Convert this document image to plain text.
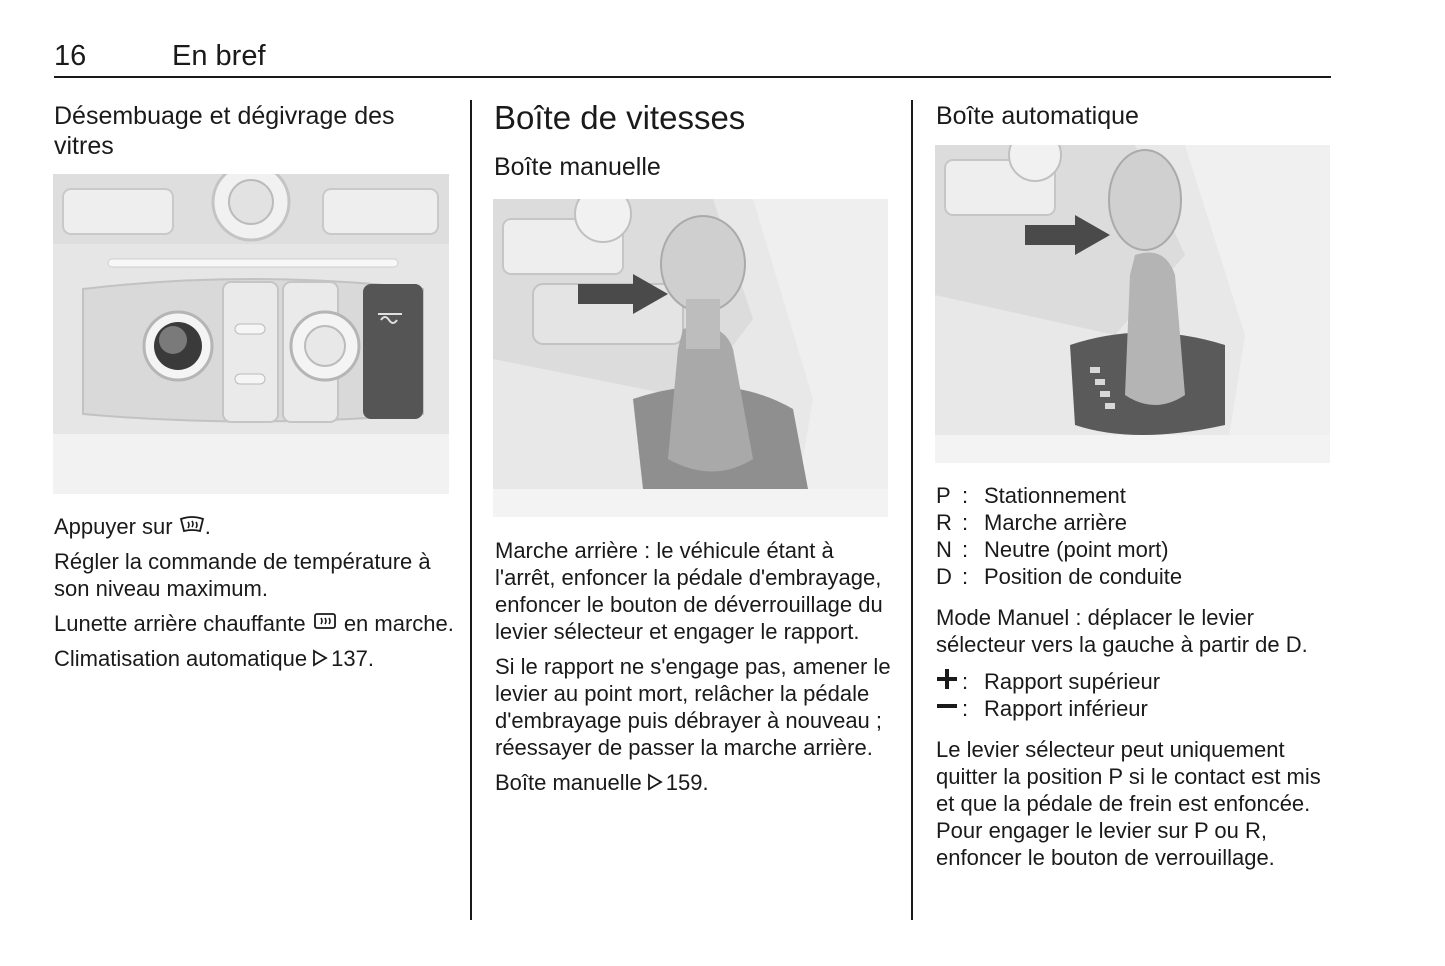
16	En bref
Désembuage et dégivrage des vitres

Appuyer sur .

Régler la commande de température à son niveau maximum.

Lunette arrière chauffante en marche.

Climatisation automatique 137.

Boîte de vitesses
Boîte manuelle

Marche arrière : le véhicule étant à l'arrêt, enfoncer la pédale d'embrayage, enfoncer le bouton de déverrouillage du levier sélecteur et engager le rapport.

Si le rapport ne s'engage pas, amener le levier au point mort, relâcher la pédale d'embrayage puis débrayer à nouveau ; réessayer de passer la marche arrière.

Boîte manuelle 159.

Boîte automatique
P : Stationnement
R : Marche arrière
N : Neutre (point mort)
D : Position de conduite

Mode Manuel : déplacer le levier sélecteur vers la gauche à partir de D.

: Rapport supérieur
: Rapport inférieur

Le levier sélecteur peut uniquement quitter la position P si le contact est mis et que la pédale de frein est enfoncée. Pour engager le levier sur P ou R, enfoncer le bouton de verrouillage.
